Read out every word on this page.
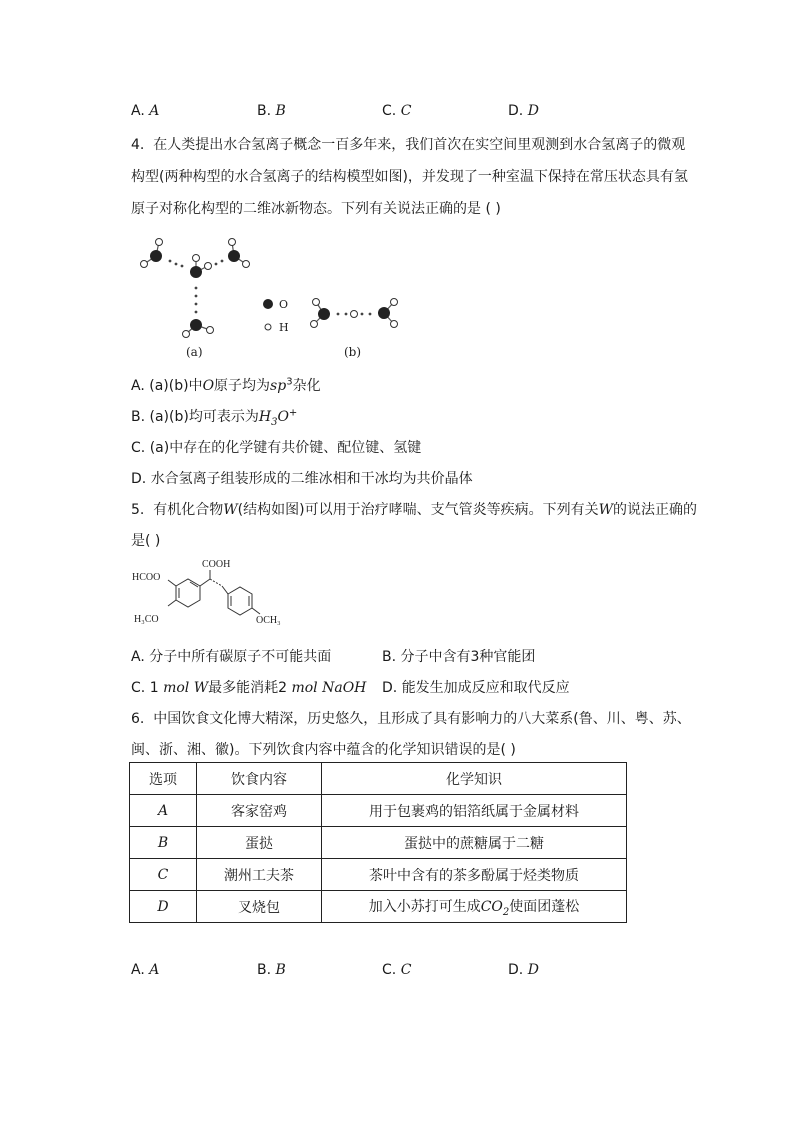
A. A	B. B	C. C	D. D
4. 在人类提出水合氢离子概念一百多年来，我们首次在实空间里观测到水合氢离子的微观
构型(两种构型的水合氢离子的结构模型如图)，并发现了一种室温下保持在常压状态具有氢
原子对称化构型的二维冰新物态。下列有关说法正确的是 ( )
O
H
(a)	(b)
A. (a)(b)中O原子均为$sp^3$杂化
B. (a)(b)均可表示为$H_3O^+$
C. (a)中存在的化学键有共价键、配位键、氢键
D. 水合氢离子组装形成的二维冰相和干冰均为共价晶体
5. 有机化合物W(结构如图)可以用于治疗哮喘、支气管炎等疾病。下列有关W的说法正确的
是( )
COOH
HCOO
H₃CO	OCH₃
A. 分子中所有碳原子不可能共面	B. 分子中含有3种官能团
C. 1 mol W最多能消耗2 mol NaOH D. 能发生加成反应和取代反应
6. 中国饮食文化博大精深，历史悠久，且形成了具有影响力的八大菜系(鲁、川、粤、苏、
闽、浙、湘、徽)。下列饮食内容中蕴含的化学知识错误的是( )
选项	饮食内容	化学知识
A	客家窑鸡	用于包裹鸡的铝箔纸属于金属材料
B	蛋挞	蛋挞中的蔗糖属于二糖
C	潮州工夫茶	茶叶中含有的茶多酚属于烃类物质
D	叉烧包	加入小苏打可生成$CO_2$使面团蓬松
A. A	B. B	C. C	D. D
